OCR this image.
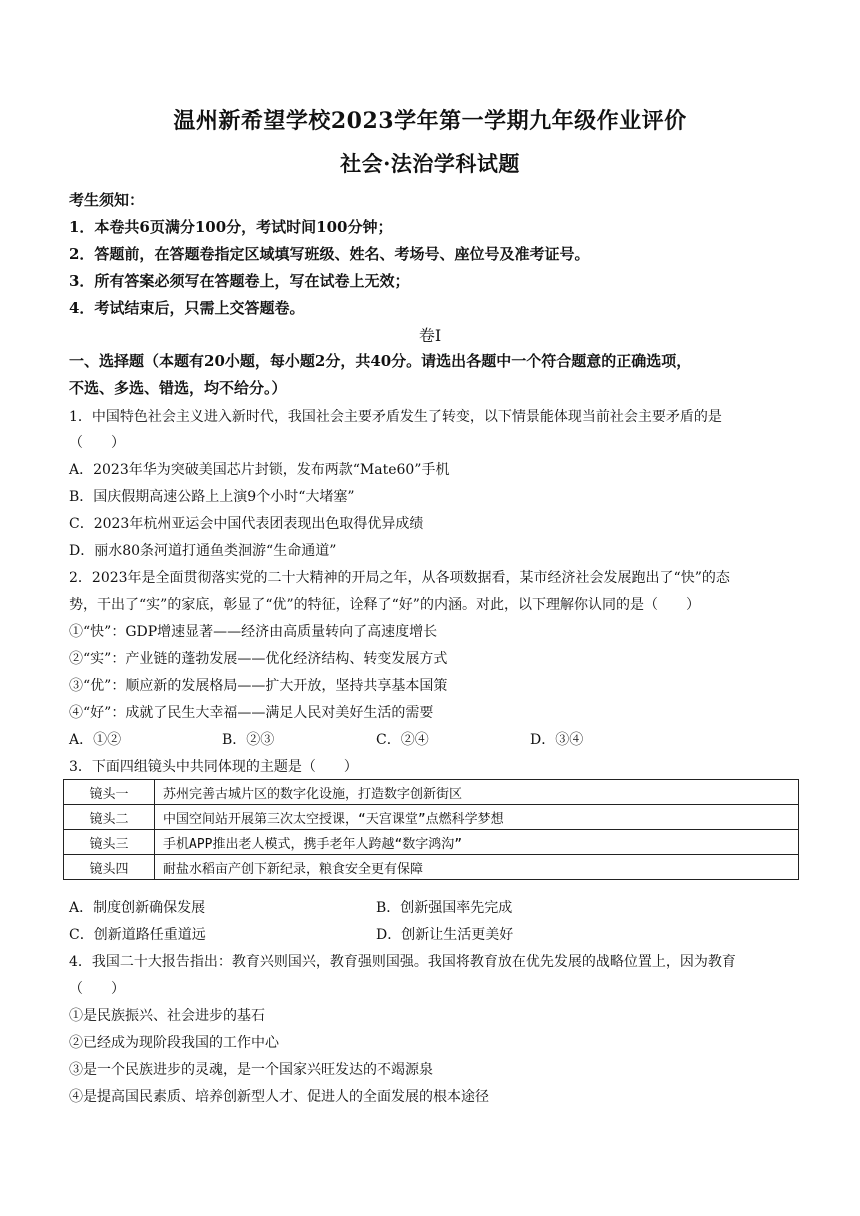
温州新希望学校2023学年第一学期九年级作业评价
社会·法治学科试题
考生须知：
1．本卷共6页满分100分，考试时间100分钟；
2．答题前，在答题卷指定区域填写班级、姓名、考场号、座位号及准考证号。
3．所有答案必须写在答题卷上，写在试卷上无效；
4．考试结束后，只需上交答题卷。
卷Ⅰ
一、选择题（本题有20小题，每小题2分，共40分。请选出各题中一个符合题意的正确选项，
不选、多选、错选，均不给分。）
1．中国特色社会主义进入新时代，我国社会主要矛盾发生了转变，以下情景能体现当前社会主要矛盾的是
（　　）
A．2023年华为突破美国芯片封锁，发布两款“Mate60”手机
B．国庆假期高速公路上上演9个小时“大堵塞”
C．2023年杭州亚运会中国代表团表现出色取得优异成绩
D．丽水80条河道打通鱼类洄游“生命通道”
2．2023年是全面贯彻落实党的二十大精神的开局之年，从各项数据看，某市经济社会发展跑出了“快”的态
势，干出了“实”的家底，彰显了“优”的特征，诠释了“好”的内涵。对此，以下理解你认同的是（　　）
①“快”：GDP增速显著——经济由高质量转向了高速度增长
②“实”：产业链的蓬勃发展——优化经济结构、转变发展方式
③“优”：顺应新的发展格局——扩大开放，坚持共享基本国策
④“好”：成就了民生大幸福——满足人民对美好生活的需要
A．①②	B．②③	C．②④	D．③④
3．下面四组镜头中共同体现的主题是（　　）
镜头一	苏州完善古城片区的数字化设施，打造数字创新街区
镜头二	中国空间站开展第三次太空授课，“天宫课堂”点燃科学梦想
镜头三	手机APP推出老人模式，携手老年人跨越“数字鸿沟”
镜头四	耐盐水稻亩产创下新纪录，粮食安全更有保障
A．制度创新确保发展	B．创新强国率先完成
C．创新道路任重道远	D．创新让生活更美好
4．我国二十大报告指出：教育兴则国兴，教育强则国强。我国将教育放在优先发展的战略位置上，因为教育
（　　）
①是民族振兴、社会进步的基石
②已经成为现阶段我国的工作中心
③是一个民族进步的灵魂，是一个国家兴旺发达的不竭源泉
④是提高国民素质、培养创新型人才、促进人的全面发展的根本途径
